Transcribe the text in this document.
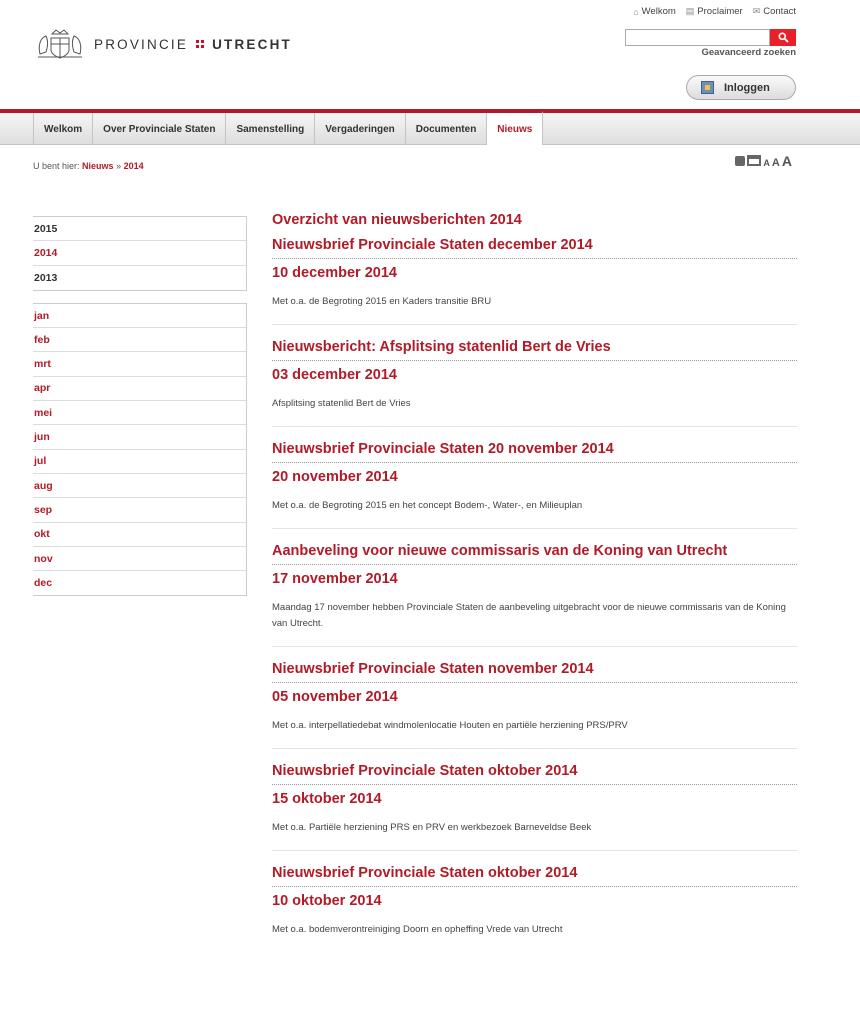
PROVINCIE UTRECHT
⌂ Welkom ▤ Proclaimer ✉ Contact
Geavanceerd zoeken
Inloggen
Welkom	Over Provinciale Staten	Samenstelling	Vergaderingen	Documenten	Nieuws
U bent hier: Nieuws » 2014	A A A
2015
2014
2013
jan
feb
mrt
apr
mei
jun
jul
aug
sep
okt
nov
dec
Overzicht van nieuwsberichten 2014
Nieuwsbrief Provinciale Staten december 2014
10 december 2014
Met o.a. de Begroting 2015 en Kaders transitie BRU
Nieuwsbericht: Afsplitsing statenlid Bert de Vries
03 december 2014
Afsplitsing statenlid Bert de Vries
Nieuwsbrief Provinciale Staten 20 november 2014
20 november 2014
Met o.a. de Begroting 2015 en het concept Bodem-, Water-, en Milieuplan
Aanbeveling voor nieuwe commissaris van de Koning van Utrecht
17 november 2014
Maandag 17 november hebben Provinciale Staten de aanbeveling uitgebracht voor de nieuwe commissaris van de Koning van Utrecht.
Nieuwsbrief Provinciale Staten november 2014
05 november 2014
Met o.a. interpellatiedebat windmolenlocatie Houten en partiële herziening PRS/PRV
Nieuwsbrief Provinciale Staten oktober 2014
15 oktober 2014
Met o.a. Partiële herziening PRS en PRV en werkbezoek Barneveldse Beek
Nieuwsbrief Provinciale Staten oktober 2014
10 oktober 2014
Met o.a. bodemverontreiniging Doorn en opheffing Vrede van Utrecht
